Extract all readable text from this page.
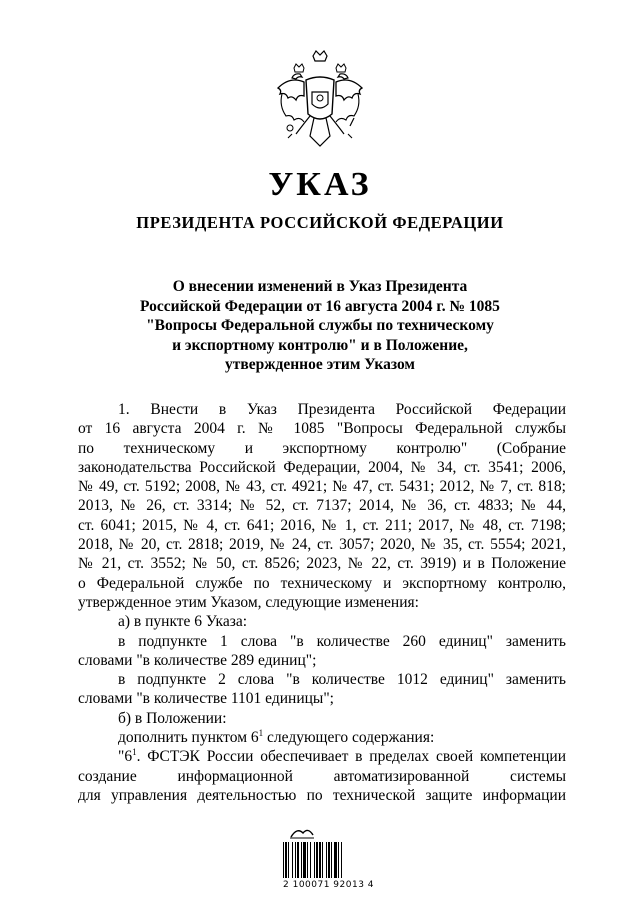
УКАЗ
ПРЕЗИДЕНТА РОССИЙСКОЙ ФЕДЕРАЦИИ
О внесении изменений в Указ Президента
Российской Федерации от 16 августа 2004 г. № 1085
"Вопросы Федеральной службы по техническому
и экспортному контролю" и в Положение,
утвержденное этим Указом
1. Внести в Указ Президента Российской Федерации
от 16 августа 2004 г. № 1085 "Вопросы Федеральной службы
по техническому и экспортному контролю" (Собрание
законодательства Российской Федерации, 2004, № 34, ст. 3541; 2006,
№ 49, ст. 5192; 2008, № 43, ст. 4921; № 47, ст. 5431; 2012, № 7, ст. 818;
2013, № 26, ст. 3314; № 52, ст. 7137; 2014, № 36, ст. 4833; № 44,
ст. 6041; 2015, № 4, ст. 641; 2016, № 1, ст. 211; 2017, № 48, ст. 7198;
2018, № 20, ст. 2818; 2019, № 24, ст. 3057; 2020, № 35, ст. 5554; 2021,
№ 21, ст. 3552; № 50, ст. 8526; 2023, № 22, ст. 3919) и в Положение
о Федеральной службе по техническому и экспортному контролю,
утвержденное этим Указом, следующие изменения:
а) в пункте 6 Указа:
в подпункте 1 слова "в количестве 260 единиц" заменить
словами "в количестве 289 единиц";
в подпункте 2 слова "в количестве 1012 единиц" заменить
словами "в количестве 1101 единицы";
б) в Положении:
дополнить пунктом $6^1$ следующего содержания:
"$6^1$. ФСТЭК России обеспечивает в пределах своей компетенции
создание информационной автоматизированной системы
для управления деятельностью по технической защите информации
2 100071 92013 4
